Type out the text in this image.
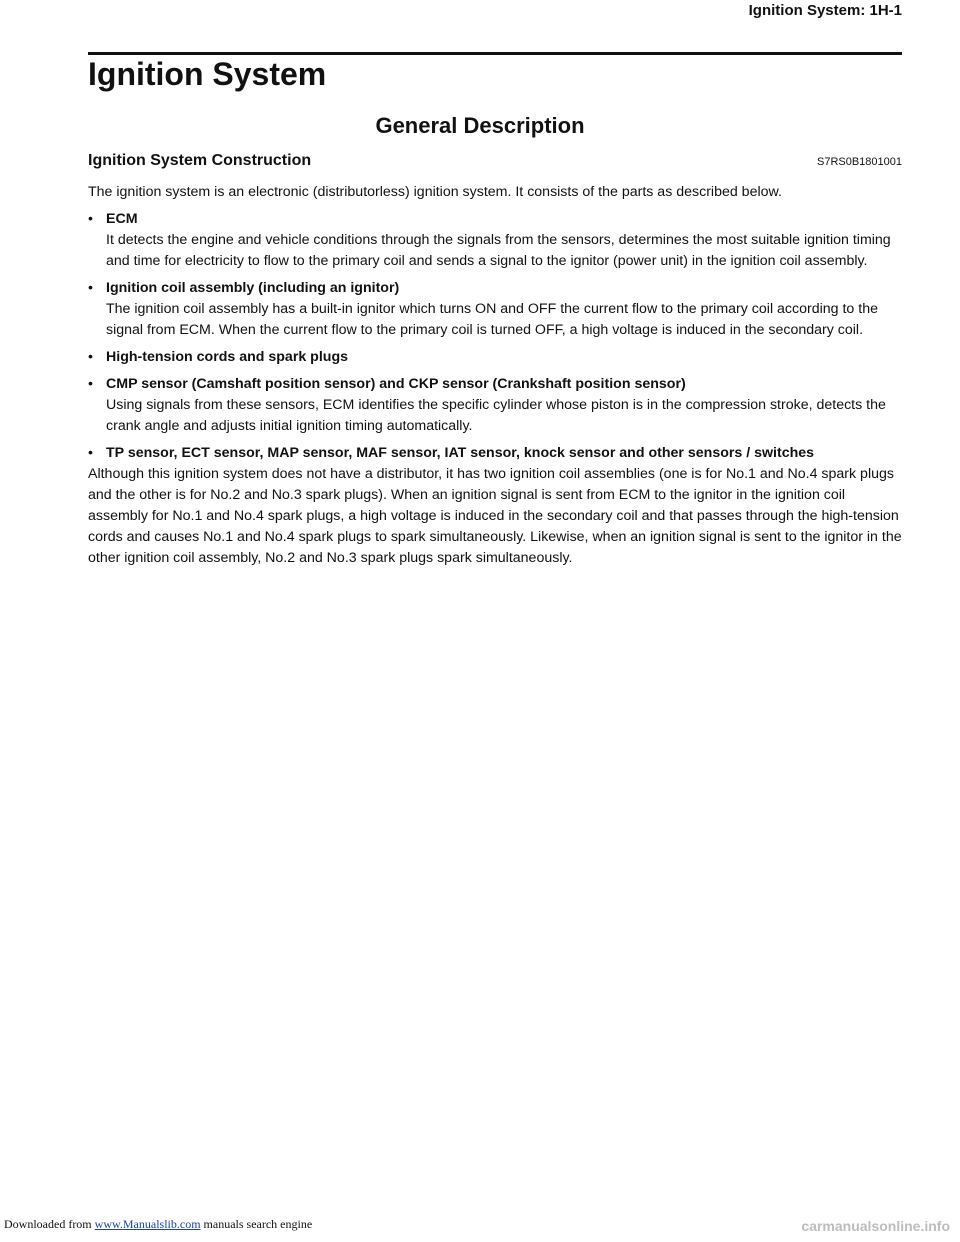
Ignition System: 1H-1
Ignition System
General Description
Ignition System Construction	S7RS0B1801001

The ignition system is an electronic (distributorless) ignition system. It consists of the parts as described below.

• ECM
It detects the engine and vehicle conditions through the signals from the sensors, determines the most suitable ignition timing and time for electricity to flow to the primary coil and sends a signal to the ignitor (power unit) in the ignition coil assembly.
• Ignition coil assembly (including an ignitor)
The ignition coil assembly has a built-in ignitor which turns ON and OFF the current flow to the primary coil according to the signal from ECM. When the current flow to the primary coil is turned OFF, a high voltage is induced in the secondary coil.
• High-tension cords and spark plugs
• CMP sensor (Camshaft position sensor) and CKP sensor (Crankshaft position sensor)
Using signals from these sensors, ECM identifies the specific cylinder whose piston is in the compression stroke, detects the crank angle and adjusts initial ignition timing automatically.
• TP sensor, ECT sensor, MAP sensor, MAF sensor, IAT sensor, knock sensor and other sensors / switches

Although this ignition system does not have a distributor, it has two ignition coil assemblies (one is for No.1 and No.4 spark plugs and the other is for No.2 and No.3 spark plugs). When an ignition signal is sent from ECM to the ignitor in the ignition coil assembly for No.1 and No.4 spark plugs, a high voltage is induced in the secondary coil and that passes through the high-tension cords and causes No.1 and No.4 spark plugs to spark simultaneously. Likewise, when an ignition signal is sent to the ignitor in the other ignition coil assembly, No.2 and No.3 spark plugs spark simultaneously.

Downloaded from www.Manualslib.com manuals search engine	carmanualsonline.info
